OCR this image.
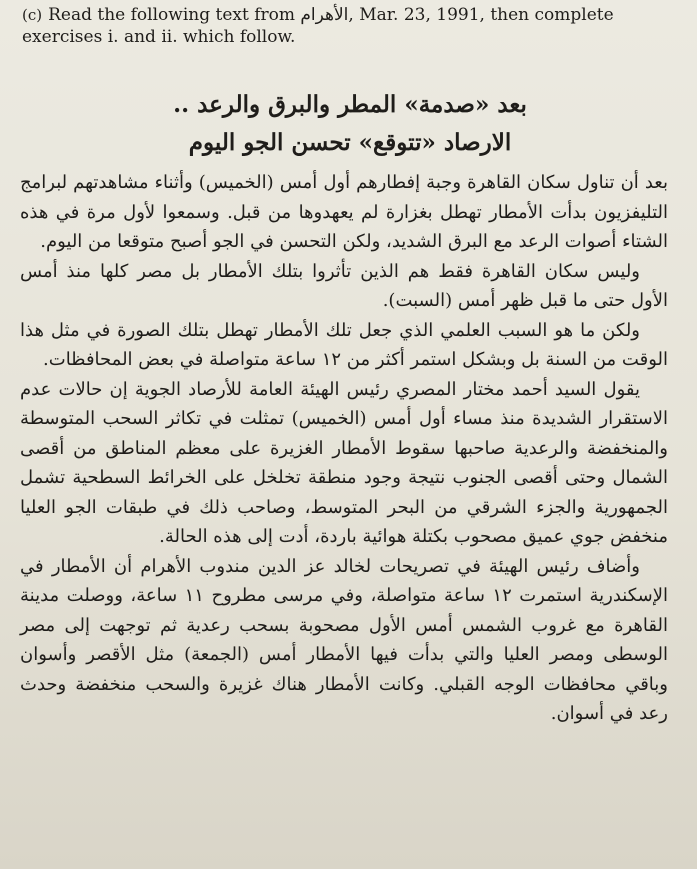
(c) Read the following text from الأهرام, Mar. 23, 1991, then complete exercises i. and ii. which follow.
بعد «صدمة» المطر والبرق والرعد ..
الارصاد «تتوقع» تحسن الجو اليوم

بعد أن تناول سكان القاهرة وجبة إفطارهم أول أمس (الخميس) وأثناء مشاهدتهم لبرامج التليفزيون بدأت الأمطار تهطل بغزارة لم يعهدوها من قبل. وسمعوا لأول مرة في هذه الشتاء أصوات الرعد مع البرق الشديد، ولكن التحسن في الجو أصبح متوقعا من اليوم.

وليس سكان القاهرة فقط هم الذين تأثروا بتلك الأمطار بل مصر كلها منذ أمس الأول حتى ما قبل ظهر أمس (السبت).

ولكن ما هو السبب العلمي الذي جعل تلك الأمطار تهطل بتلك الصورة في مثل هذا الوقت من السنة بل وبشكل استمر أكثر من ١٢ ساعة متواصلة في بعض المحافظات.

يقول السيد أحمد مختار المصري رئيس الهيئة العامة للأرصاد الجوية إن حالات عدم الاستقرار الشديدة منذ مساء أول أمس (الخميس) تمثلت في تكاثر السحب المتوسطة والمنخفضة والرعدية صاحبها سقوط الأمطار الغزيرة على معظم المناطق من أقصى الشمال وحتى أقصى الجنوب نتيجة وجود منطقة تخلخل على الخرائط السطحية تشمل الجمهورية والجزء الشرقي من البحر المتوسط، وصاحب ذلك في طبقات الجو العليا منخفض جوي عميق مصحوب بكتلة هوائية باردة، أدت إلى هذه الحالة.

وأضاف رئيس الهيئة في تصريحات لخالد عز الدين مندوب الأهرام أن الأمطار في الإسكندرية استمرت ١٢ ساعة متواصلة، وفي مرسى مطروح ١١ ساعة، ووصلت مدينة القاهرة مع غروب الشمس أمس الأول مصحوبة بسحب رعدية ثم توجهت إلى مصر الوسطى ومصر العليا والتي بدأت فيها الأمطار أمس (الجمعة) مثل الأقصر وأسوان وباقي محافظات الوجه القبلي. وكانت الأمطار هناك غزيرة والسحب منخفضة وحدث رعد في أسوان.
